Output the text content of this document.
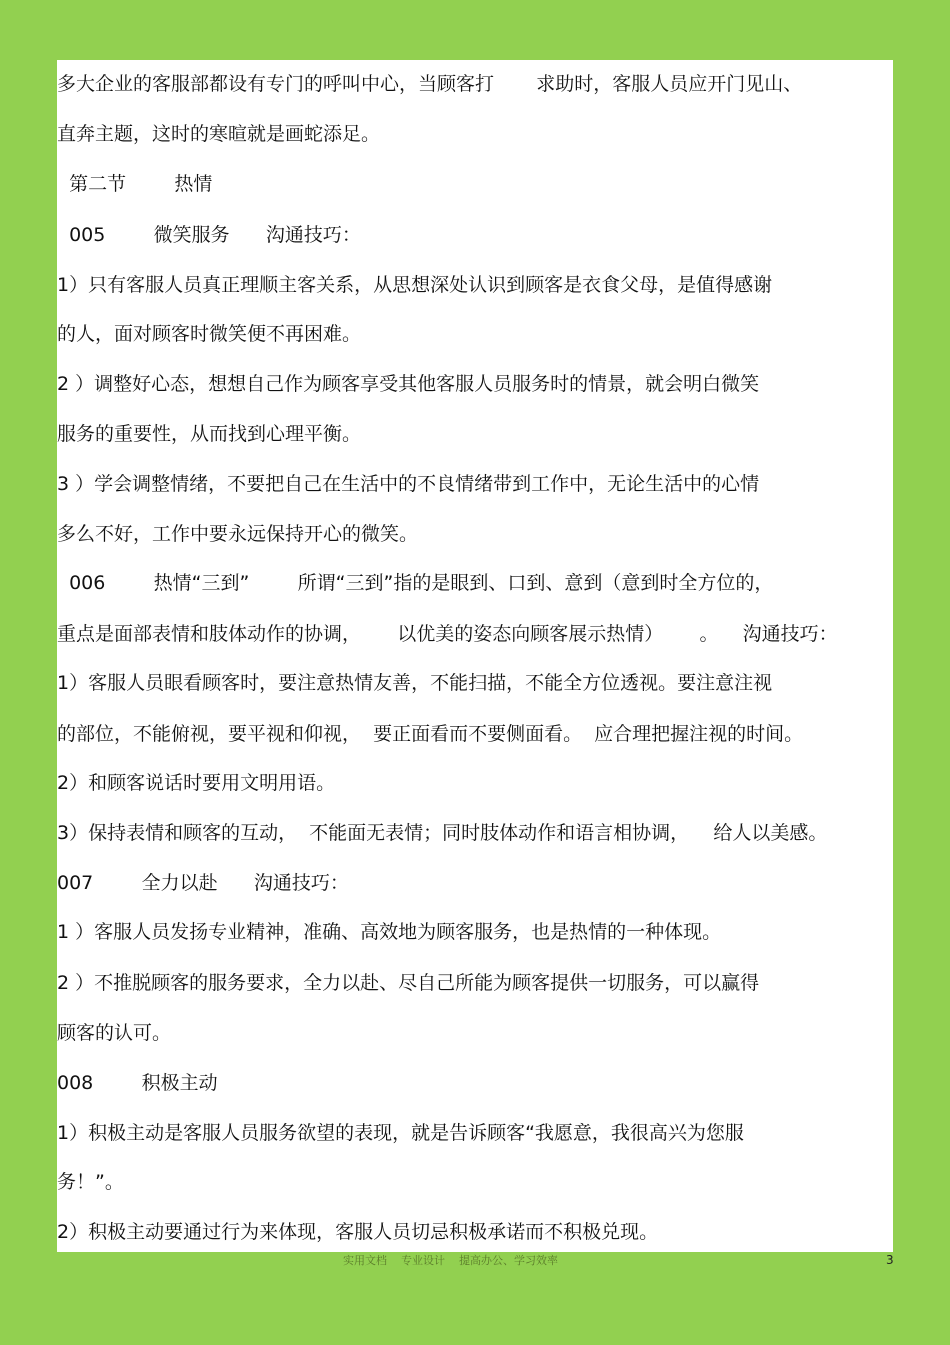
多大企业的客服部都设有专门的呼叫中心，当顾客打       求助时，客服人员应开门见山、
直奔主题，这时的寒暄就是画蛇添足。
第二节        热情
005        微笑服务      沟通技巧：
1）只有客服人员真正理顺主客关系，从思想深处认识到顾客是衣食父母，是值得感谢
的人，面对顾客时微笑便不再困难。
2 ）调整好心态，想想自己作为顾客享受其他客服人员服务时的情景，就会明白微笑
服务的重要性，从而找到心理平衡。
3 ）学会调整情绪，不要把自己在生活中的不良情绪带到工作中，无论生活中的心情
多么不好，工作中要永远保持开心的微笑。
006        热情“三到”        所谓“三到”指的是眼到、口到、意到（意到时全方位的，
重点是面部表情和肢体动作的协调，      以优美的姿态向顾客展示热情）      。    沟通技巧：
1）客服人员眼看顾客时，要注意热情友善，不能扫描，不能全方位透视。要注意注视
的部位，不能俯视，要平视和仰视，  要正面看而不要侧面看。  应合理把握注视的时间。
2）和顾客说话时要用文明用语。
3）保持表情和顾客的互动，  不能面无表情；同时肢体动作和语言相协调，    给人以美感。
007        全力以赴      沟通技巧：
1 ）客服人员发扬专业精神，准确、高效地为顾客服务，也是热情的一种体现。
2 ）不推脱顾客的服务要求，全力以赴、尽自己所能为顾客提供一切服务，可以赢得
顾客的认可。
008        积极主动
1）积极主动是客服人员服务欲望的表现，就是告诉顾客“我愿意，我很高兴为您服
务！”。
2）积极主动要通过行为来体现，客服人员切忌积极承诺而不积极兑现。
实用文档    专业设计    提高办公、学习效率	3
